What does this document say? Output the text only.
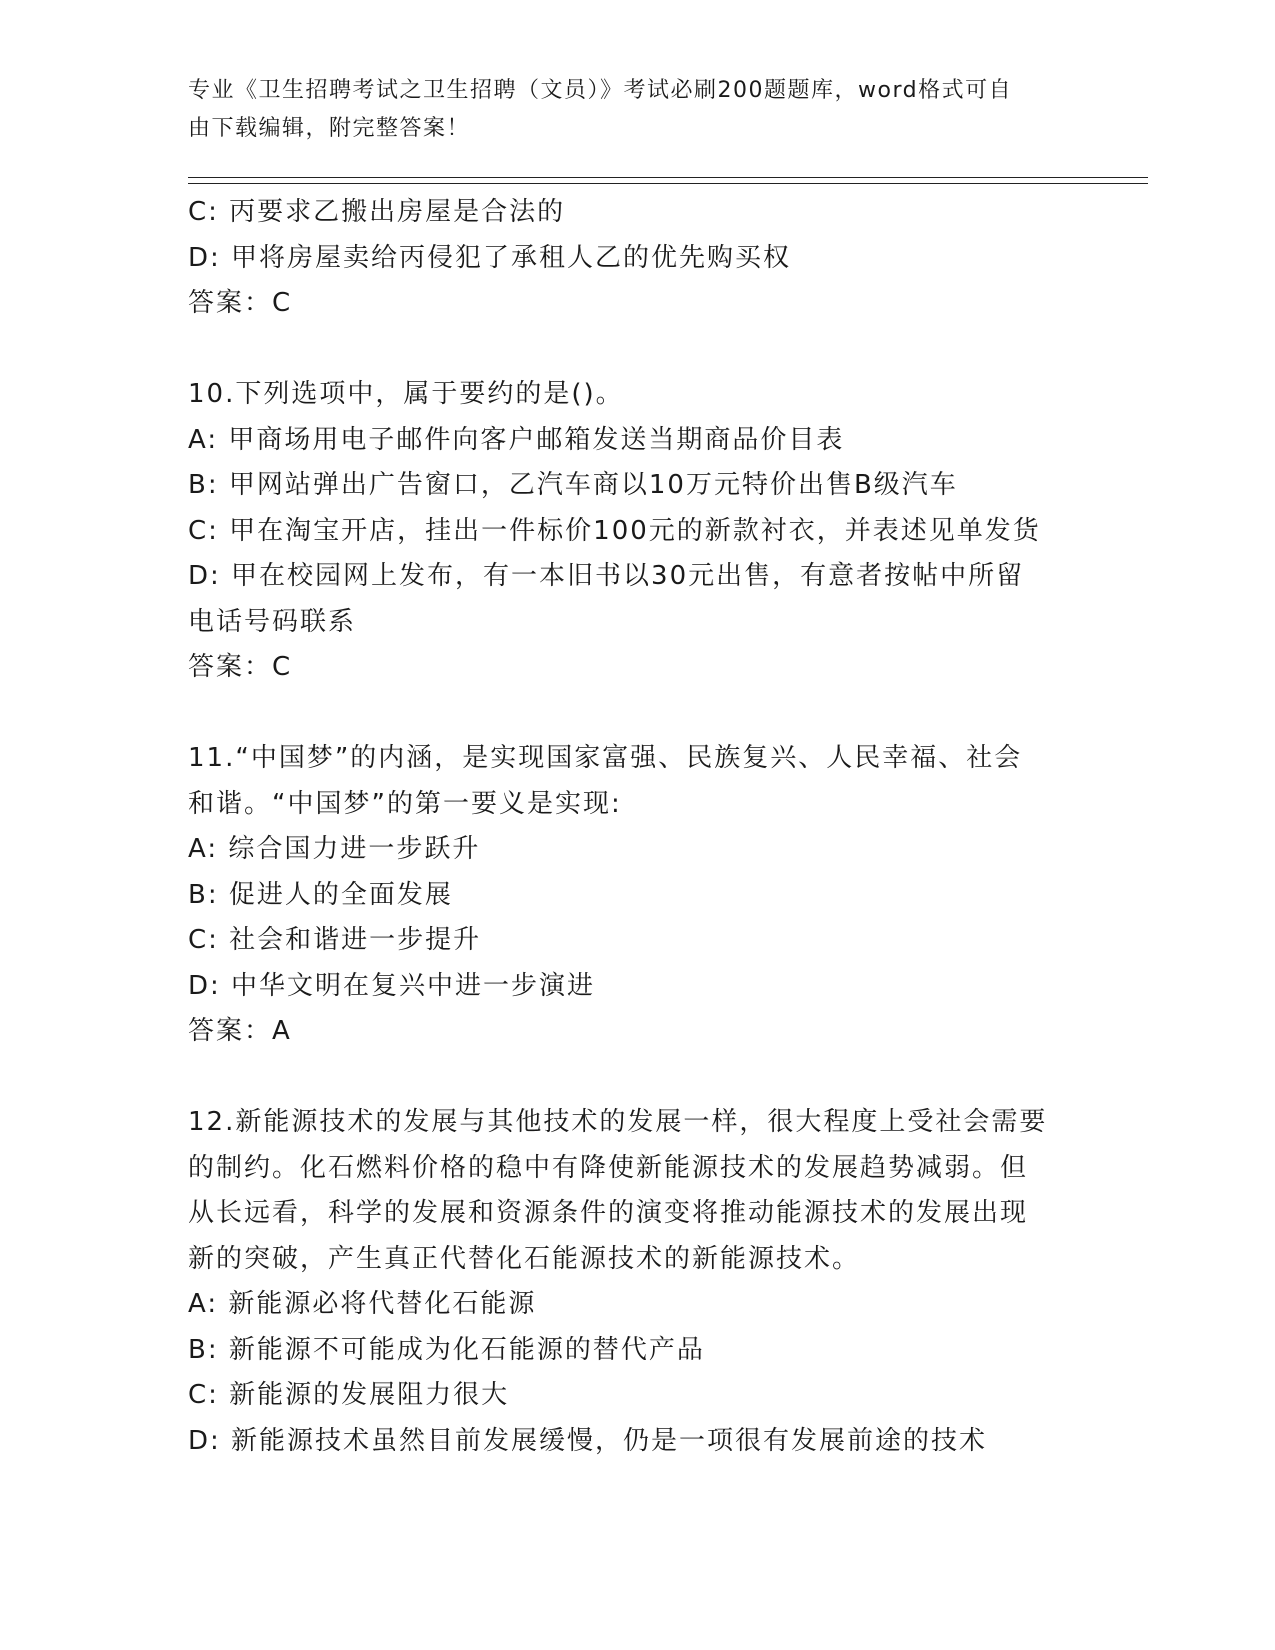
专业《卫生招聘考试之卫生招聘（文员）》考试必刷200题题库，word格式可自
由下载编辑，附完整答案！
C: 丙要求乙搬出房屋是合法的
D: 甲将房屋卖给丙侵犯了承租人乙的优先购买权
答案：C
10.下列选项中，属于要约的是()。
A: 甲商场用电子邮件向客户邮箱发送当期商品价目表
B: 甲网站弹出广告窗口，乙汽车商以10万元特价出售B级汽车
C: 甲在淘宝开店，挂出一件标价100元的新款衬衣，并表述见单发货
D: 甲在校园网上发布，有一本旧书以30元出售，有意者按帖中所留
电话号码联系
答案：C
11.“中国梦”的内涵，是实现国家富强、民族复兴、人民幸福、社会
和谐。“中国梦”的第一要义是实现:
A: 综合国力进一步跃升
B: 促进人的全面发展
C: 社会和谐进一步提升
D: 中华文明在复兴中进一步演进
答案：A
12.新能源技术的发展与其他技术的发展一样，很大程度上受社会需要
的制约。化石燃料价格的稳中有降使新能源技术的发展趋势减弱。但
从长远看，科学的发展和资源条件的演变将推动能源技术的发展出现
新的突破，产生真正代替化石能源技术的新能源技术。
A: 新能源必将代替化石能源
B: 新能源不可能成为化石能源的替代产品
C: 新能源的发展阻力很大
D: 新能源技术虽然目前发展缓慢，仍是一项很有发展前途的技术
